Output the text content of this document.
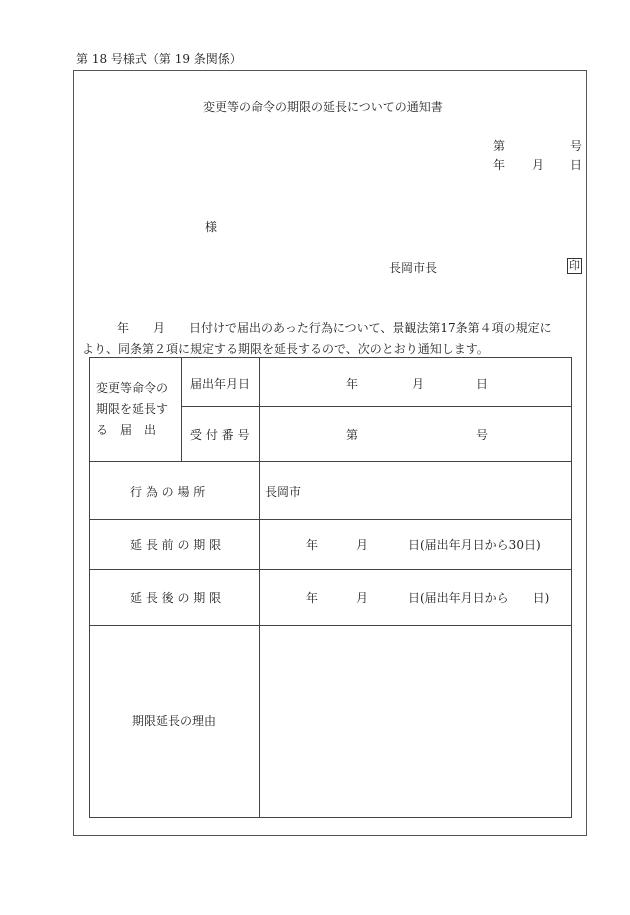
第 18 号様式（第 19 条関係）
変更等の命令の期限の延長についての通知書
第	号
年 月 日
様
長岡市長	印
年　　月　　日付けで届出のあった行為について、景観法第17条第４項の規定に
より、同条第２項に規定する期限を延長するので、次のとおり通知します。
変更等命令の
期限を延長す
る　届　出
届出年月日	年	月	日
受 付 番 号	第	号
行 為 の 場 所	長岡市
延 長 前 の 期 限	年	月	日(届出年月日から30日)
延 長 後 の 期 限	年	月	日(届出年月日から　　日)
期限延長の理由
